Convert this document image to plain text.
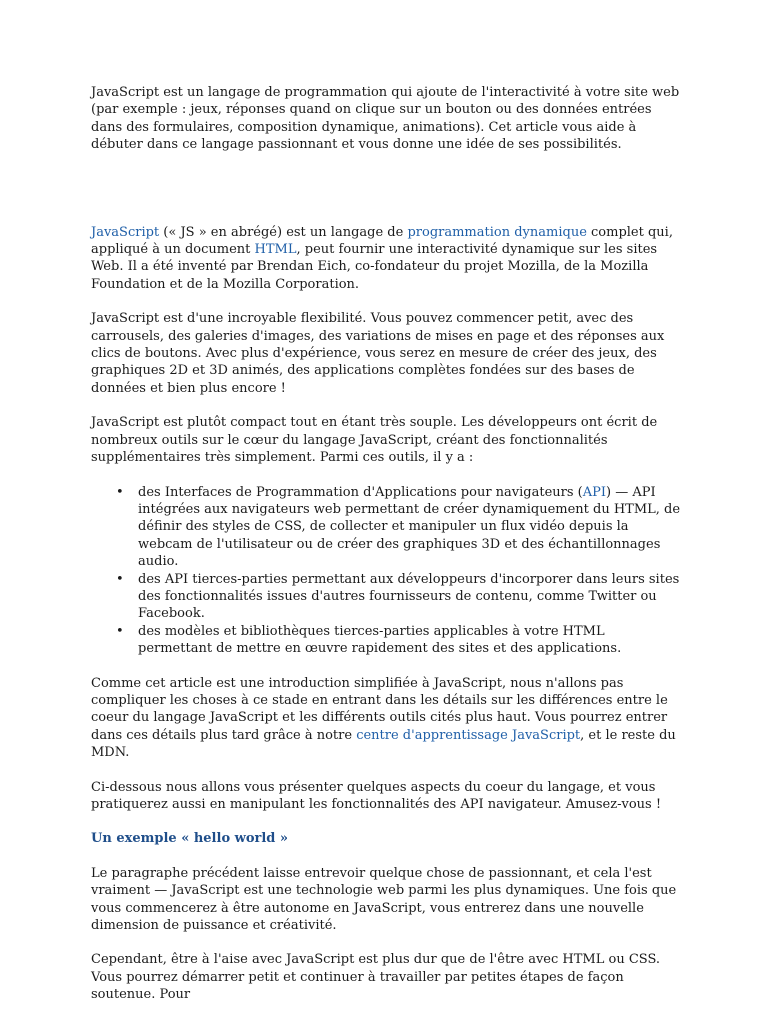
JavaScript est un langage de programmation qui ajoute de l'interactivité à votre site web (par exemple : jeux, réponses quand on clique sur un bouton ou des données entrées dans des formulaires, composition dynamique, animations). Cet article vous aide à débuter dans ce langage passionnant et vous donne une idée de ses possibilités.

JavaScript (« JS » en abrégé) est un langage de programmation dynamique complet qui, appliqué à un document HTML, peut fournir une interactivité dynamique sur les sites Web. Il a été inventé par Brendan Eich, co-fondateur du projet Mozilla, de la Mozilla Foundation et de la Mozilla Corporation.

JavaScript est d'une incroyable flexibilité. Vous pouvez commencer petit, avec des carrousels, des galeries d'images, des variations de mises en page et des réponses aux clics de boutons. Avec plus d'expérience, vous serez en mesure de créer des jeux, des graphiques 2D et 3D animés, des applications complètes fondées sur des bases de données et bien plus encore !

JavaScript est plutôt compact tout en étant très souple. Les développeurs ont écrit de nombreux outils sur le cœur du langage JavaScript, créant des fonctionnalités supplémentaires très simplement. Parmi ces outils, il y a :

• des Interfaces de Programmation d'Applications pour navigateurs (API) — API intégrées aux navigateurs web permettant de créer dynamiquement du HTML, de définir des styles de CSS, de collecter et manipuler un flux vidéo depuis la webcam de l'utilisateur ou de créer des graphiques 3D et des échantillonnages audio.
• des API tierces-parties permettant aux développeurs d'incorporer dans leurs sites des fonctionnalités issues d'autres fournisseurs de contenu, comme Twitter ou Facebook.
• des modèles et bibliothèques tierces-parties applicables à votre HTML permettant de mettre en œuvre rapidement des sites et des applications.

Comme cet article est une introduction simplifiée à JavaScript, nous n'allons pas compliquer les choses à ce stade en entrant dans les détails sur les différences entre le coeur du langage JavaScript et les différents outils cités plus haut. Vous pourrez entrer dans ces détails plus tard grâce à notre centre d'apprentissage JavaScript, et le reste du MDN.

Ci-dessous nous allons vous présenter quelques aspects du coeur du langage, et vous pratiquerez aussi en manipulant les fonctionnalités des API navigateur. Amusez-vous !

Un exemple « hello world »

Le paragraphe précédent laisse entrevoir quelque chose de passionnant, et cela l'est vraiment — JavaScript est une technologie web parmi les plus dynamiques. Une fois que vous commencerez à être autonome en JavaScript, vous entrerez dans une nouvelle dimension de puissance et créativité.

Cependant, être à l'aise avec JavaScript est plus dur que de l'être avec HTML ou CSS. Vous pourrez démarrer petit et continuer à travailler par petites étapes de façon soutenue. Pour
